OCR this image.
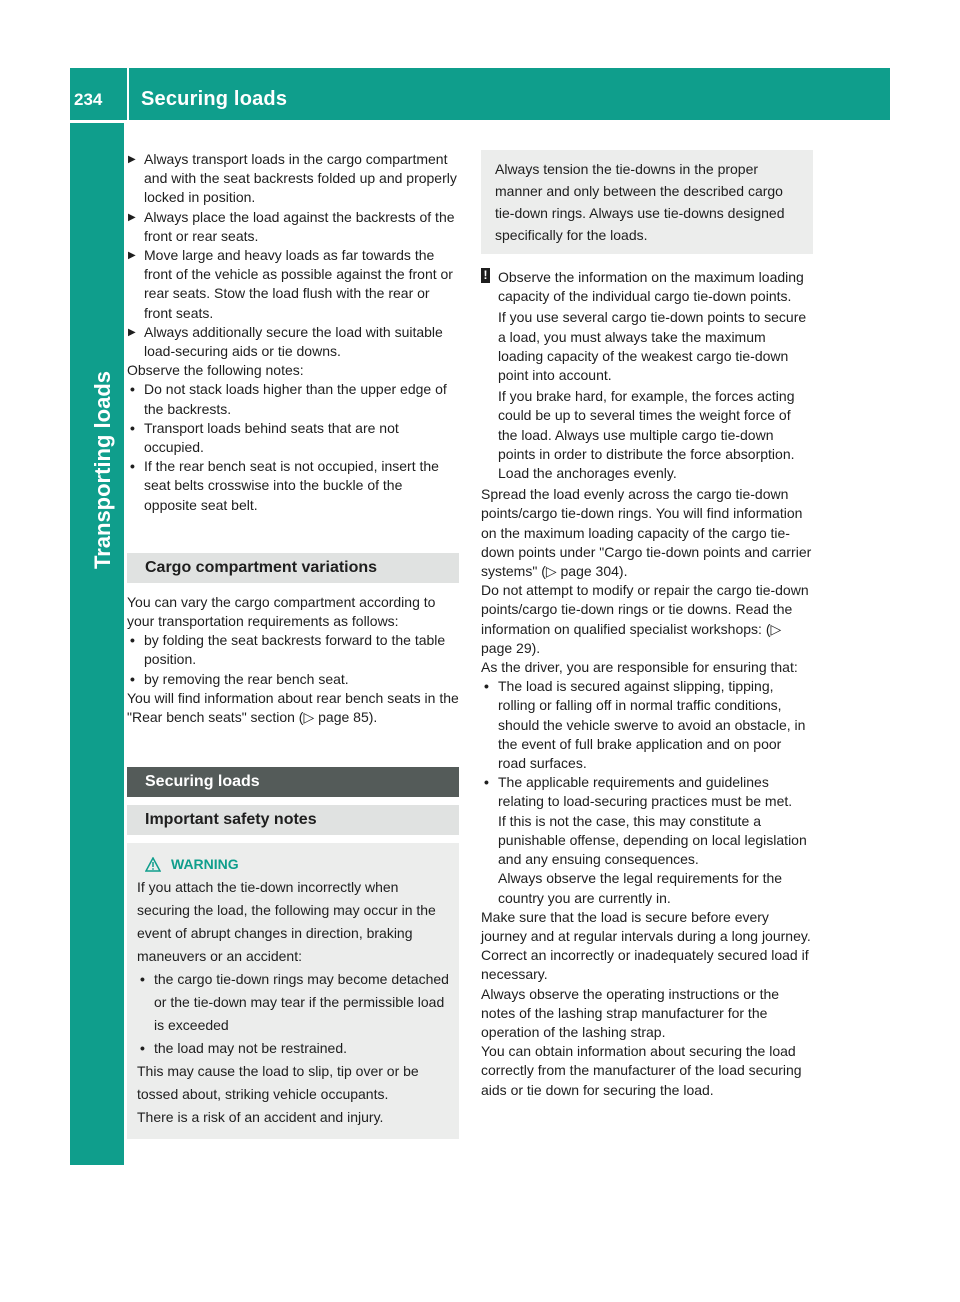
234	Securing loads
Transporting loads

▶ Always transport loads in the cargo compartment and with the seat backrests folded up and properly locked in position.

▶ Always place the load against the backrests of the front or rear seats.

▶ Move large and heavy loads as far towards the front of the vehicle as possible against the front or rear seats. Stow the load flush with the rear or front seats.

▶ Always additionally secure the load with suitable load-securing aids or tie downs.

Observe the following notes:

• Do not stack loads higher than the upper edge of the backrests.

• Transport loads behind seats that are not occupied.

• If the rear bench seat is not occupied, insert the seat belts crosswise into the buckle of the opposite seat belt.

Cargo compartment variations

You can vary the cargo compartment according to your transportation requirements as follows:

• by folding the seat backrests forward to the table position.

• by removing the rear bench seat.

You will find information about rear bench seats in the "Rear bench seats" section (▷ page 85).

Securing loads
Important safety notes
WARNING

If you attach the tie-down incorrectly when securing the load, the following may occur in the event of abrupt changes in direction, braking maneuvers or an accident:

• the cargo tie-down rings may become detached or the tie-down may tear if the permissible load is exceeded

• the load may not be restrained.

This may cause the load to slip, tip over or be tossed about, striking vehicle occupants.

There is a risk of an accident and injury.

Always tension the tie-downs in the proper manner and only between the described cargo tie-down rings. Always use tie-downs designed specifically for the loads.
! Observe the information on the maximum loading capacity of the individual cargo tie-down points.

If you use several cargo tie-down points to secure a load, you must always take the maximum loading capacity of the weakest cargo tie-down point into account.

If you brake hard, for example, the forces acting could be up to several times the weight force of the load. Always use multiple cargo tie-down points in order to distribute the force absorption. Load the anchorages evenly.

Spread the load evenly across the cargo tie-down points/cargo tie-down rings. You will find information on the maximum loading capacity of the cargo tie-down points under "Cargo tie-down points and carrier systems" (▷ page 304).

Do not attempt to modify or repair the cargo tie-down points/cargo tie-down rings or tie downs. Read the information on qualified specialist workshops: (▷ page 29).

As the driver, you are responsible for ensuring that:

• The load is secured against slipping, tipping, rolling or falling off in normal traffic conditions, should the vehicle swerve to avoid an obstacle, in the event of full brake application and on poor road surfaces.

• The applicable requirements and guidelines relating to load-securing practices must be met.

If this is not the case, this may constitute a punishable offense, depending on local legislation and any ensuing consequences.

Always observe the legal requirements for the country you are currently in.

Make sure that the load is secure before every journey and at regular intervals during a long journey. Correct an incorrectly or inadequately secured load if necessary.

Always observe the operating instructions or the notes of the lashing strap manufacturer for the operation of the lashing strap.

You can obtain information about securing the load correctly from the manufacturer of the load securing aids or tie down for securing the load.
